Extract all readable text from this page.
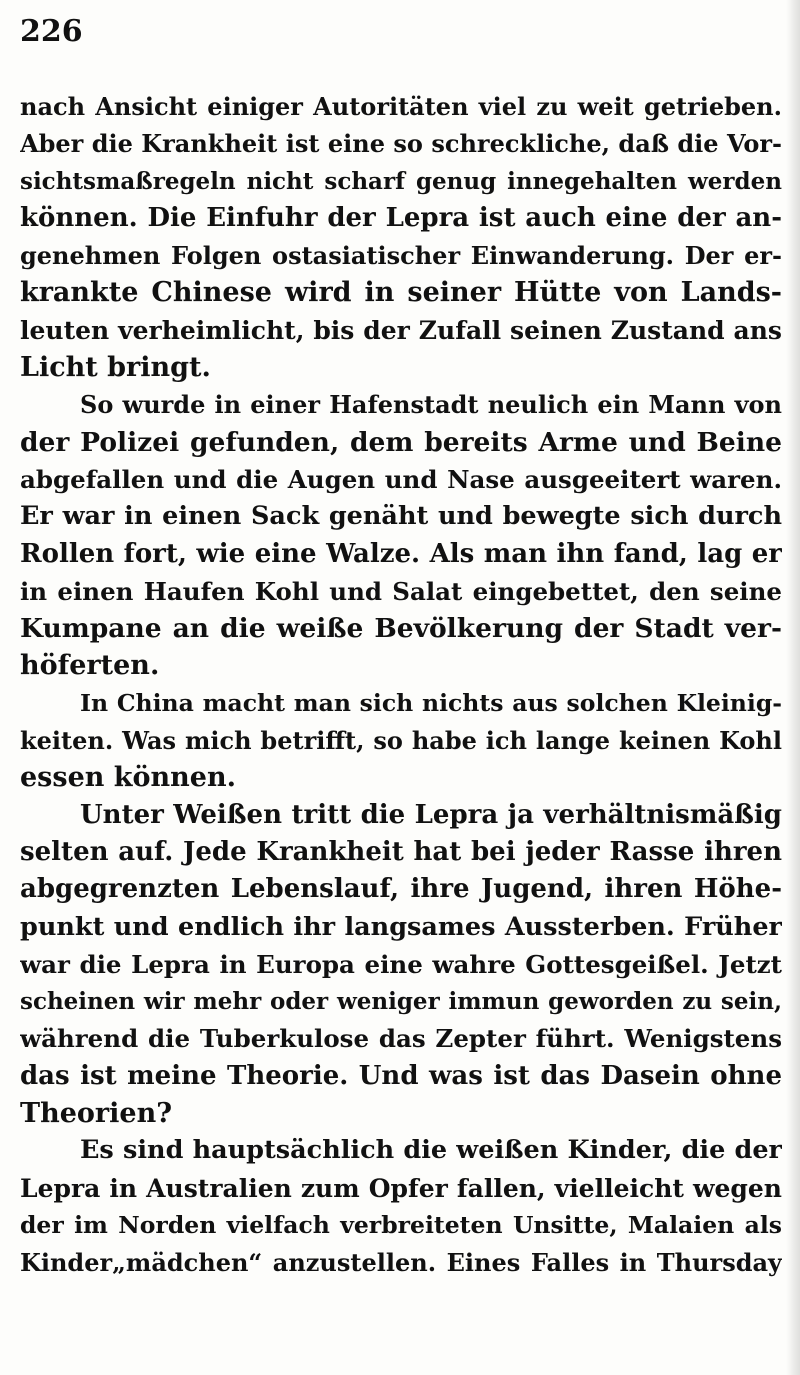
226
nach Ansicht einiger Autoritäten viel zu weit getrieben.
Aber die Krankheit ist eine so schreckliche, daß die Vor-
sichtsmaßregeln nicht scharf genug innegehalten werden
können. Die Einfuhr der Lepra ist auch eine der an-
genehmen Folgen ostasiatischer Einwanderung. Der er-
krankte Chinese wird in seiner Hütte von Lands-
leuten verheimlicht, bis der Zufall seinen Zustand ans
Licht bringt.
So wurde in einer Hafenstadt neulich ein Mann von
der Polizei gefunden, dem bereits Arme und Beine
abgefallen und die Augen und Nase ausgeeitert waren.
Er war in einen Sack genäht und bewegte sich durch
Rollen fort, wie eine Walze. Als man ihn fand, lag er
in einen Haufen Kohl und Salat eingebettet, den seine
Kumpane an die weiße Bevölkerung der Stadt ver-
höferten.
In China macht man sich nichts aus solchen Kleinig-
keiten. Was mich betrifft, so habe ich lange keinen Kohl
essen können.
Unter Weißen tritt die Lepra ja verhältnismäßig
selten auf. Jede Krankheit hat bei jeder Rasse ihren
abgegrenzten Lebenslauf, ihre Jugend, ihren Höhe-
punkt und endlich ihr langsames Aussterben. Früher
war die Lepra in Europa eine wahre Gottesgeißel. Jetzt
scheinen wir mehr oder weniger immun geworden zu sein,
während die Tuberkulose das Zepter führt. Wenigstens
das ist meine Theorie. Und was ist das Dasein ohne
Theorien?
Es sind hauptsächlich die weißen Kinder, die der
Lepra in Australien zum Opfer fallen, vielleicht wegen
der im Norden vielfach verbreiteten Unsitte, Malaien als
Kinder„mädchen“ anzustellen. Eines Falles in Thursday
